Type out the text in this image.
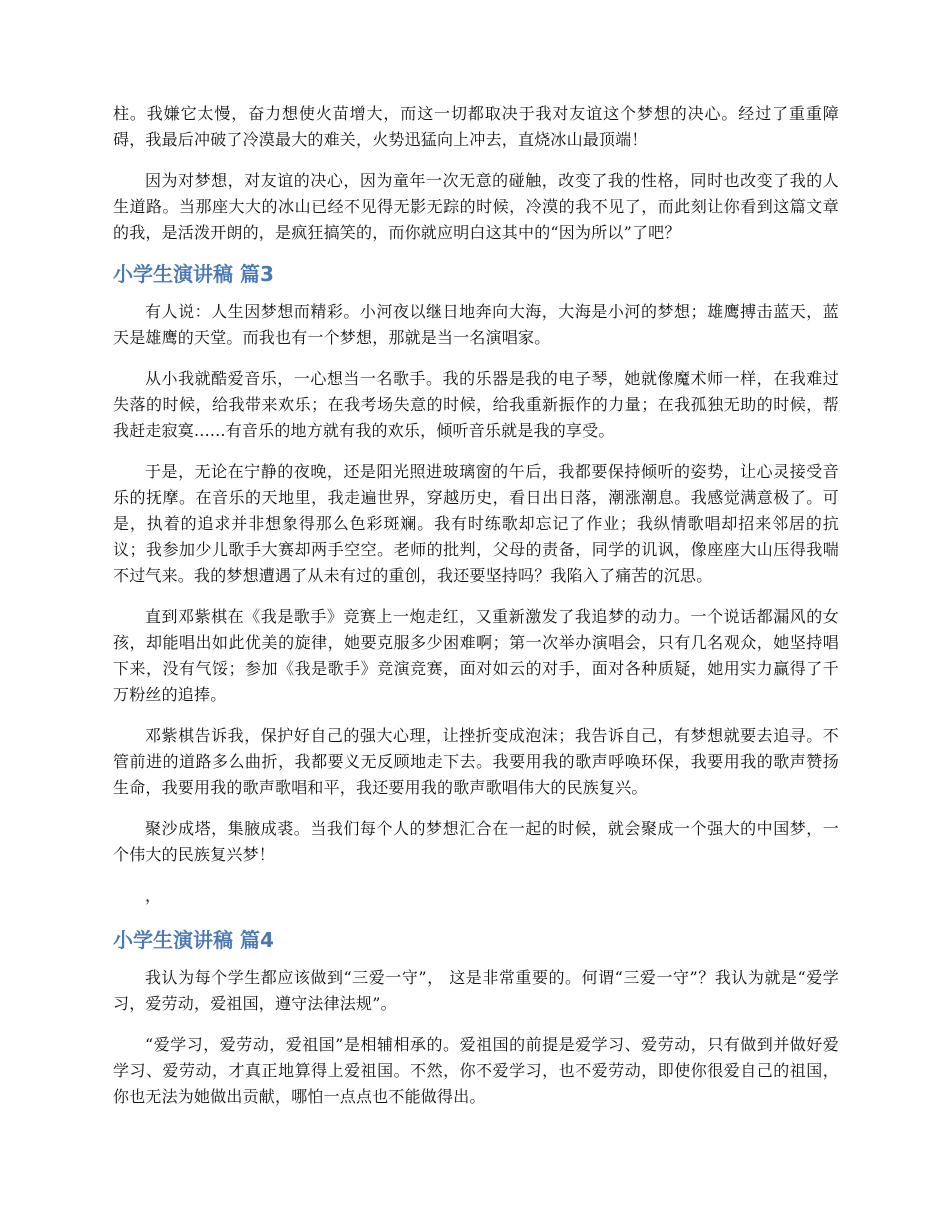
柱。我嫌它太慢，奋力想使火苗增大，而这一切都取决于我对友谊这个梦想的决心。经过了重重障碍，我最后冲破了冷漠最大的难关，火势迅猛向上冲去，直烧冰山最顶端！

因为对梦想，对友谊的决心，因为童年一次无意的碰触，改变了我的性格，同时也改变了我的人生道路。当那座大大的冰山已经不见得无影无踪的时候，冷漠的我不见了，而此刻让你看到这篇文章的我，是活泼开朗的，是疯狂搞笑的，而你就应明白这其中的“因为所以”了吧？

小学生演讲稿 篇3

有人说：人生因梦想而精彩。小河夜以继日地奔向大海，大海是小河的梦想；雄鹰搏击蓝天，蓝天是雄鹰的天堂。而我也有一个梦想，那就是当一名演唱家。

从小我就酷爱音乐，一心想当一名歌手。我的乐器是我的电子琴，她就像魔术师一样，在我难过失落的时候，给我带来欢乐；在我考场失意的时候，给我重新振作的力量；在我孤独无助的时候，帮我赶走寂寞......有音乐的地方就有我的欢乐，倾听音乐就是我的享受。

于是，无论在宁静的夜晚，还是阳光照进玻璃窗的午后，我都要保持倾听的姿势，让心灵接受音乐的抚摩。在音乐的天地里，我走遍世界，穿越历史，看日出日落，潮涨潮息。我感觉满意极了。可是，执着的追求并非想象得那么色彩斑斓。我有时练歌却忘记了作业；我纵情歌唱却招来邻居的抗议；我参加少儿歌手大赛却两手空空。老师的批判，父母的责备，同学的讥讽，像座座大山压得我喘不过气来。我的梦想遭遇了从未有过的重创，我还要坚持吗？我陷入了痛苦的沉思。

直到邓紫棋在《我是歌手》竞赛上一炮走红，又重新激发了我追梦的动力。一个说话都漏风的女孩，却能唱出如此优美的旋律，她要克服多少困难啊；第一次举办演唱会，只有几名观众，她坚持唱下来，没有气馁；参加《我是歌手》竞演竞赛，面对如云的对手，面对各种质疑，她用实力赢得了千万粉丝的追捧。

邓紫棋告诉我，保护好自己的强大心理，让挫折变成泡沫；我告诉自己，有梦想就要去追寻。不管前进的道路多么曲折，我都要义无反顾地走下去。我要用我的歌声呼唤环保，我要用我的歌声赞扬生命，我要用我的歌声歌唱和平，我还要用我的歌声歌唱伟大的民族复兴。

聚沙成塔，集腋成裘。当我们每个人的梦想汇合在一起的时候，就会聚成一个强大的中国梦，一个伟大的民族复兴梦！

，
小学生演讲稿 篇4

我认为每个学生都应该做到“三爱一守”， 这是非常重要的。何谓“三爱一守”？我认为就是“爱学习，爱劳动，爱祖国，遵守法律法规”。

“爱学习，爱劳动，爱祖国”是相辅相承的。爱祖国的前提是爱学习、爱劳动，只有做到并做好爱学习、爱劳动，才真正地算得上爱祖国。不然，你不爱学习，也不爱劳动，即使你很爱自己的祖国，你也无法为她做出贡献，哪怕一点点也不能做得出。
